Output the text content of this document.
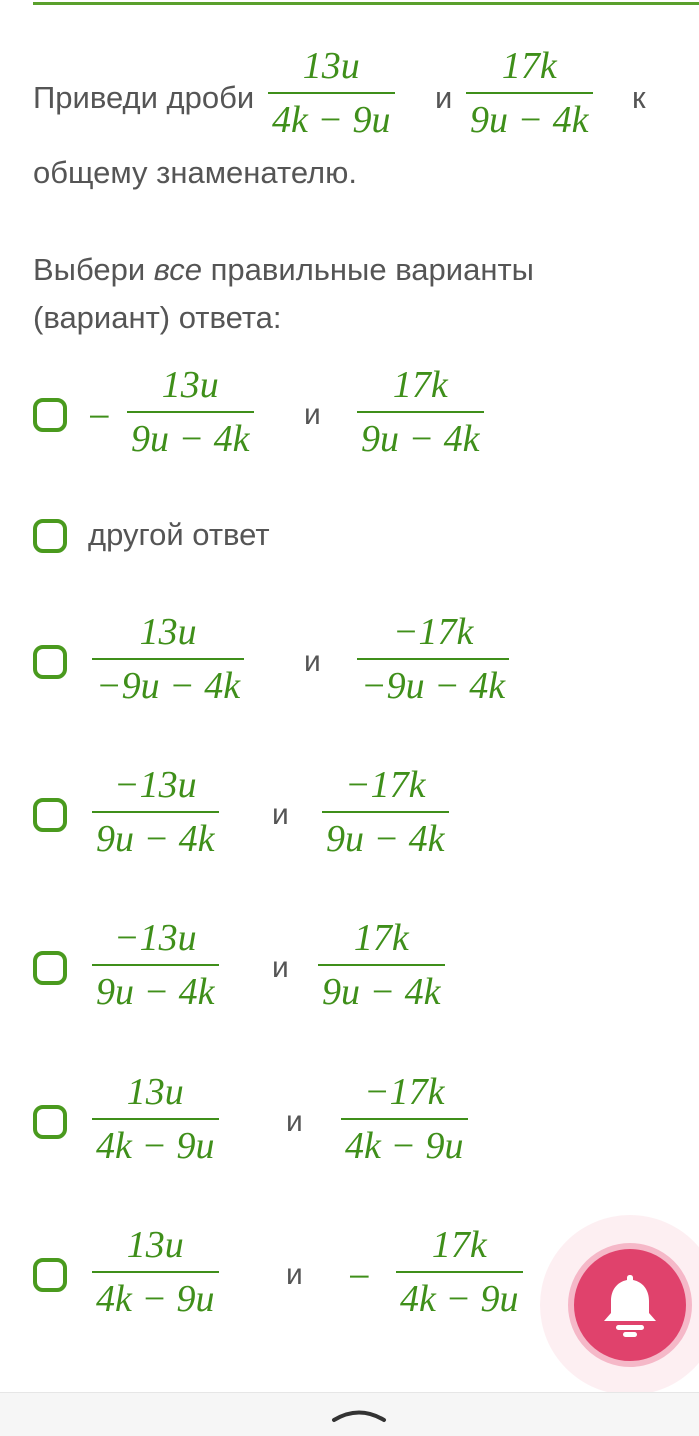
Приведи дроби
13u
4k − 9u
и
17k
9u − 4k
к
общему знаменателю.
Выбери все правильные варианты
(вариант) ответа:
−
13u
9u − 4k
и
17k
9u − 4k
другой ответ
13u
−9u − 4k
и
−17k
−9u − 4k
−13u
9u − 4k
и
−17k
9u − 4k
−13u
9u − 4k
и
17k
9u − 4k
13u
4k − 9u
и
−17k
4k − 9u
13u
4k − 9u
и −
17k
4k − 9u
